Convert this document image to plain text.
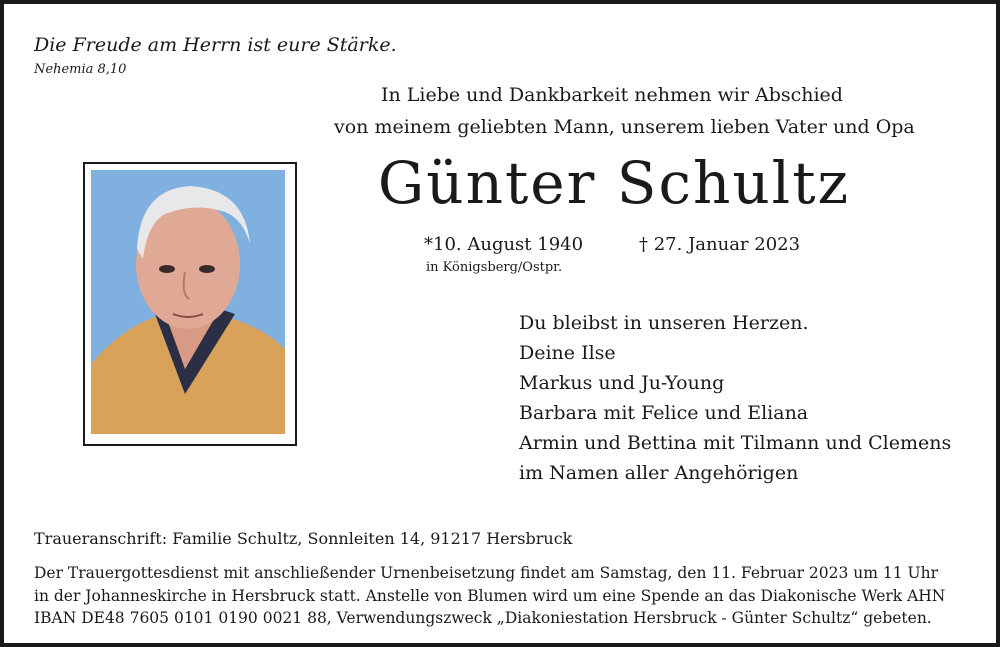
Die Freude am Herrn ist eure Stärke.

Nehemia 8,10

In Liebe und Dankbarkeit nehmen wir Abschied

von meinem geliebten Mann, unserem lieben Vater und Opa

Günter Schultz

*10. August 1940

in Königsberg/Ostpr.

† 27. Januar 2023

Du bleibst in unseren Herzen.
Deine Ilse
Markus und Ju-Young
Barbara mit Felice und Eliana
Armin und Bettina mit Tilmann und Clemens
im Namen aller Angehörigen

Traueranschrift: Familie Schultz, Sonnleiten 14, 91217 Hersbruck

Der Trauergottesdienst mit anschließender Urnenbeisetzung findet am Samstag, den 11. Februar 2023 um 11 Uhr
in der Johanneskirche in Hersbruck statt. Anstelle von Blumen wird um eine Spende an das Diakonische Werk AHN
IBAN DE48 7605 0101 0190 0021 88, Verwendungszweck „Diakoniestation Hersbruck - Günter Schultz“ gebeten.
